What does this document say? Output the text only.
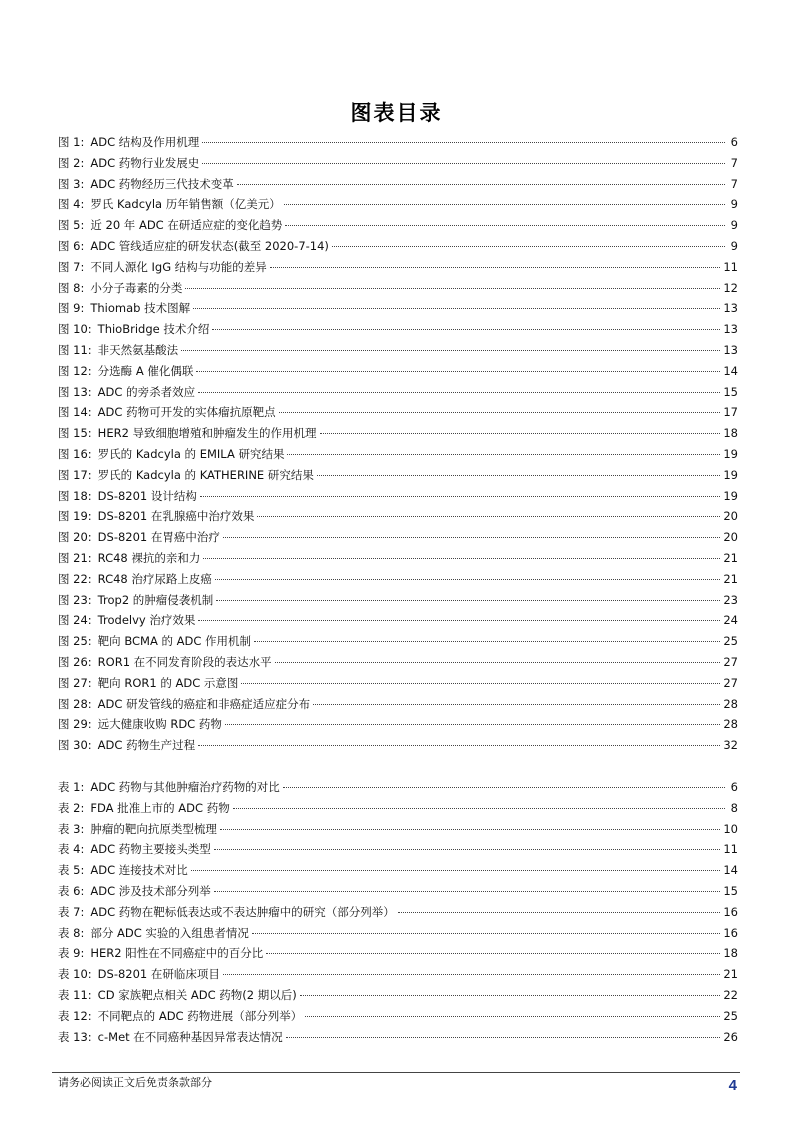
图表目录
图 1: ADC 结构及作用机理	6
图 2: ADC 药物行业发展史	7
图 3: ADC 药物经历三代技术变革	7
图 4: 罗氏 Kadcyla 历年销售额（亿美元）	9
图 5: 近 20 年 ADC 在研适应症的变化趋势	9
图 6: ADC 管线适应症的研发状态(截至 2020-7-14)	9
图 7: 不同人源化 IgG 结构与功能的差异	11
图 8: 小分子毒素的分类	12
图 9: Thiomab 技术图解	13
图 10: ThioBridge 技术介绍	13
图 11: 非天然氨基酸法	13
图 12: 分选酶 A 催化偶联	14
图 13: ADC 的旁杀者效应	15
图 14: ADC 药物可开发的实体瘤抗原靶点	17
图 15: HER2 导致细胞增殖和肿瘤发生的作用机理	18
图 16: 罗氏的 Kadcyla 的 EMILA 研究结果	19
图 17: 罗氏的 Kadcyla 的 KATHERINE 研究结果	19
图 18: DS-8201 设计结构	19
图 19: DS-8201 在乳腺癌中治疗效果	20
图 20: DS-8201 在胃癌中治疗	20
图 21: RC48 裸抗的亲和力	21
图 22: RC48 治疗尿路上皮癌	21
图 23: Trop2 的肿瘤侵袭机制	23
图 24: Trodelvy 治疗效果	24
图 25: 靶向 BCMA 的 ADC 作用机制	25
图 26: ROR1 在不同发育阶段的表达水平	27
图 27: 靶向 ROR1 的 ADC 示意图	27
图 28: ADC 研发管线的癌症和非癌症适应症分布	28
图 29: 远大健康收购 RDC 药物	28
图 30: ADC 药物生产过程	32
表 1: ADC 药物与其他肿瘤治疗药物的对比	6
表 2: FDA 批准上市的 ADC 药物	8
表 3: 肿瘤的靶向抗原类型梳理	10
表 4: ADC 药物主要接头类型	11
表 5: ADC 连接技术对比	14
表 6: ADC 涉及技术部分列举	15
表 7: ADC 药物在靶标低表达或不表达肿瘤中的研究（部分列举）	16
表 8: 部分 ADC 实验的入组患者情况	16
表 9: HER2 阳性在不同癌症中的百分比	18
表 10: DS-8201 在研临床项目	21
表 11: CD 家族靶点相关 ADC 药物(2 期以后)	22
表 12: 不同靶点的 ADC 药物进展（部分列举）	25
表 13: c-Met 在不同癌种基因异常表达情况	26
请务必阅读正文后免责条款部分	4
